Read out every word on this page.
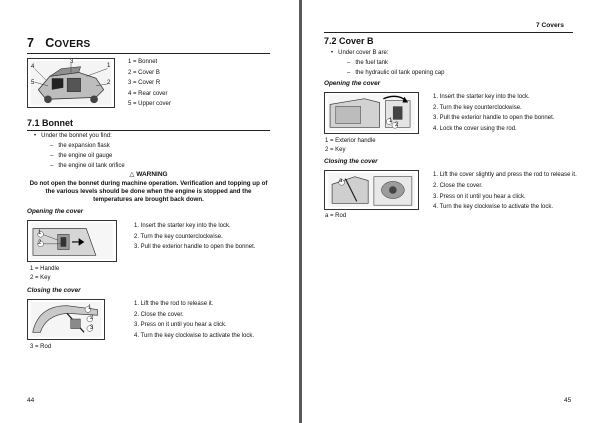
7 COVERS
4
5
3
1
2
1 = Bonnet
2 = Cover B
3 = Cover R
4 = Rear cover
5 = Upper cover
7.1 Bonnet
• Under the bonnet you find:
– the expansion flask
– the engine oil gauge
– the engine oil tank orifice
△ WARNING
Do not open the bonnet during machine operation. Verification and topping up of the various levels should be done when the engine is stopped and the temperatures are brought back down.
Opening the cover
1
2
1. Insert the starter key into the lock.
2. Turn the key counterclockwise.
3. Pull the exterior handle to open the bonnet.
1 = Handle
2 = Key
Closing the cover
1
2
3
1. Lift the the rod to release it.
2. Close the cover.
3. Press on it until you hear a click.
4. Turn the key clockwise to activate the lock.
3 = Rod
44
7 Covers
7.2 Cover B
• Under cover B are:
– the fuel tank
– the hydraulic oil tank opening cap
Opening the cover
1
2
1. Insert the starter key into the lock.
2. Turn the key counterclockwise.
3. Pull the exterior handle to open the bonnet.
4. Lock the cover using the rod.
1 = Exterior handle
2 = Key
Closing the cover
a
1. Lift the cover slightly and press the rod to release it.
2. Close the cover.
3. Press on it until you hear a click.
4. Turn the key clockwise to activate the lock.
a = Rod
45
